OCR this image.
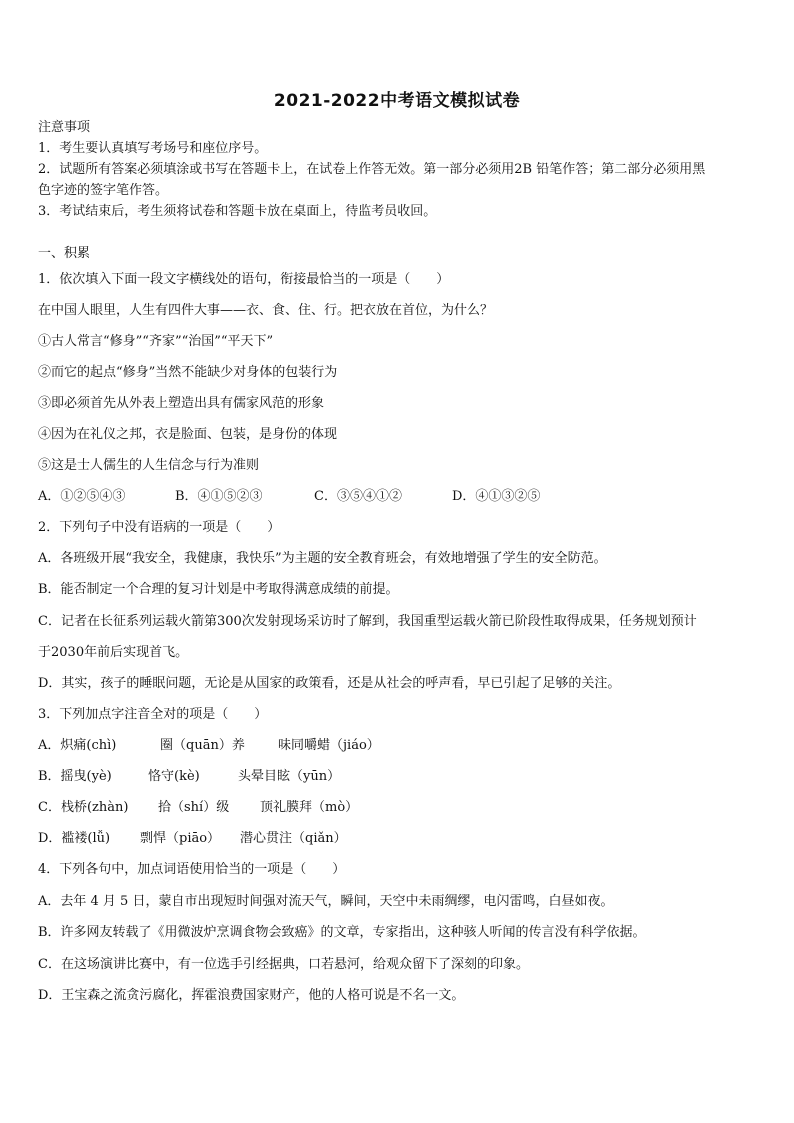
2021-2022中考语文模拟试卷
注意事项
1．考生要认真填写考场号和座位序号。
2．试题所有答案必须填涂或书写在答题卡上，在试卷上作答无效。第一部分必须用2B 铅笔作答；第二部分必须用黑
色字迹的签字笔作答。
3．考试结束后，考生须将试卷和答题卡放在桌面上，待监考员收回。
一、积累
1．依次填入下面一段文字横线处的语句，衔接最恰当的一项是（　　）
在中国人眼里，人生有四件大事——衣、食、住、行。把衣放在首位，为什么？
①古人常言“修身”“齐家”“治国”“平天下”
②而它的起点“修身”当然不能缺少对身体的包装行为
③即必须首先从外表上塑造出具有儒家风范的形象
④因为在礼仪之邦，衣是脸面、包装，是身份的体现
⑤这是士人儒生的人生信念与行为准则
A．①②⑤④③	B．④①⑤②③	C．③⑤④①②	D．④①③②⑤
2．下列句子中没有语病的一项是（　　）
A．各班级开展“我安全，我健康，我快乐”为主题的安全教育班会，有效地增强了学生的安全防范。
B．能否制定一个合理的复习计划是中考取得满意成绩的前提。
C．记者在长征系列运载火箭第300次发射现场采访时了解到，我国重型运载火箭已阶段性取得成果，任务规划预计
于2030年前后实现首飞。
D．其实，孩子的睡眠问题，无论是从国家的政策看，还是从社会的呼声看，早已引起了足够的关注。
3．下列加点字注音全对的项是（　　）
A．炽痛(chì)	圈（quān）养	味同嚼蜡（jiáo）
B．摇曳(yè)	恪守(kè)	头晕目眩（yūn）
C．栈桥(zhàn) 拾（shí）级 顶礼膜拜（mò）
D．褴褛(lǚ) 剽悍（piāo） 潜心贯注（qiǎn）
4．下列各句中，加点词语使用恰当的一项是（　　）
A．去年 4 月 5 日，蒙自市出现短时间强对流天气，瞬间，天空中未雨绸缪，电闪雷鸣，白昼如夜。
B．许多网友转载了《用微波炉烹调食物会致癌》的文章，专家指出，这种骇人听闻的传言没有科学依据。
C．在这场演讲比赛中，有一位选手引经据典，口若悬河，给观众留下了深刻的印象。
D．王宝森之流贪污腐化，挥霍浪费国家财产，他的人格可说是不名一文。
